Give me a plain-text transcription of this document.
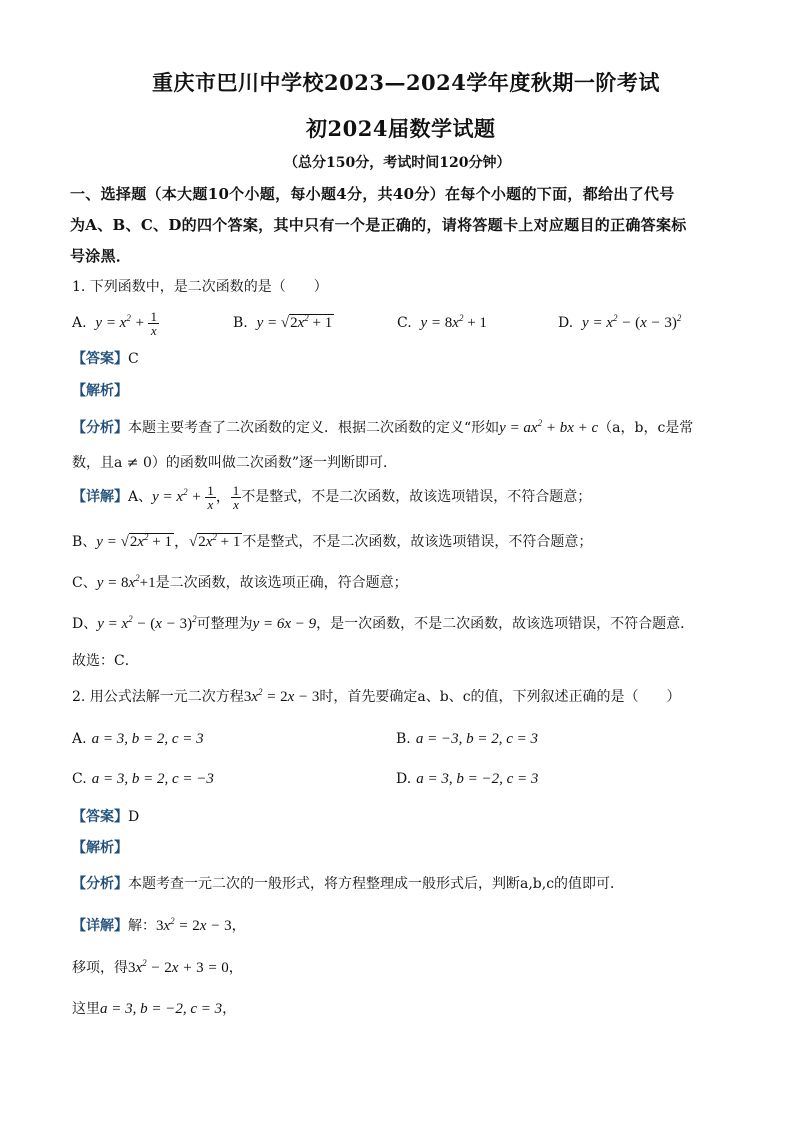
重庆市巴川中学校2023—2024学年度秋期一阶考试
初2024届数学试题
（总分150分，考试时间120分钟）
一、选择题（本大题10个小题，每小题4分，共40分）在每个小题的下面，都给出了代号
为A、B、C、D的四个答案，其中只有一个是正确的，请将答题卡上对应题目的正确答案标
号涂黑．
1. 下列函数中，是二次函数的是（　　）
A.  $y = x^2 + \frac{1}{x}$	B.  $y = √2x^2 + 1$	C.  $y = 8x^2 + 1$	D.  $y = x^2 - (x - 3)^2$
【答案】C
【解析】
【分析】本题主要考查了二次函数的定义．根据二次函数的定义“形如$y = ax^2$ + bx + c（a，b，c是常
数，且a ≠ 0）的函数叫做二次函数”逐一判断即可．
【详解】A、$y = x^2 + \frac{1}{x}$ ， $\frac{1}{x}$ 不是整式，不是二次函数，故该选项错误，不符合题意；
B、$y = √2x^2 + 1$ ，$√2x^2 + 1$ 不是整式，不是二次函数，故该选项错误，不符合题意；
C、$y = 8x^2+1$是二次函数，故该选项正确，符合题意；
D、$y = x^2 - (x - 3)^2$可整理为y = 6x − 9，是一次函数，不是二次函数，故该选项错误，不符合题意．
故选：C．
2. 用公式法解一元二次方程$3x^2 = 2x - 3$时，首先要确定a、b、c的值，下列叙述正确的是（　　）
A. a = 3, b = 2, c = 3	B. a = −3, b = 2, c = 3
C. a = 3, b = 2, c = −3	D. a = 3, b = −2, c = 3
【答案】D
【解析】
【分析】本题考查一元二次的一般形式，将方程整理成一般形式后，判断a,b,c的值即可．
【详解】解：$3x^2 = 2x - 3$，
移项，得$3x^2 - 2x + 3 = 0$，
这里a = 3, b = −2, c = 3，
